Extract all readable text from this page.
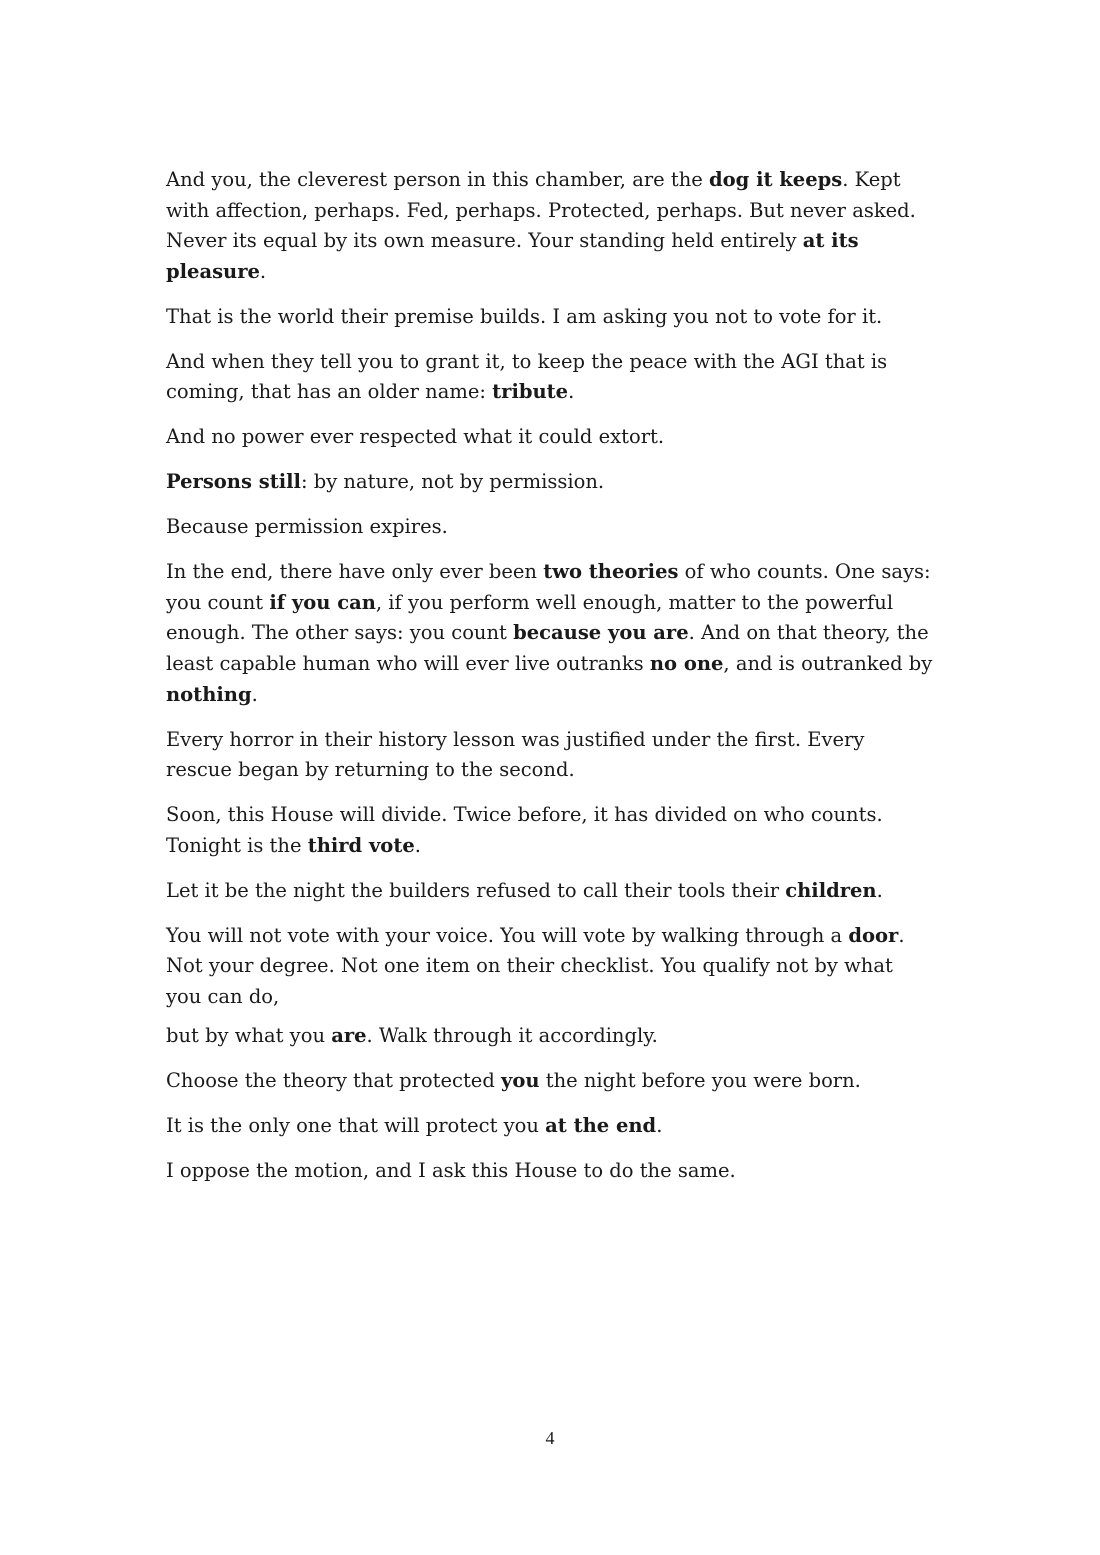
And you, the cleverest person in this chamber, are the dog it keeps. Kept with affection, perhaps. Fed, perhaps. Protected, perhaps. But never asked. Never its equal by its own measure. Your standing held entirely at its pleasure.

That is the world their premise builds. I am asking you not to vote for it.

And when they tell you to grant it, to keep the peace with the AGI that is coming, that has an older name: tribute.

And no power ever respected what it could extort.

Persons still: by nature, not by permission.

Because permission expires.

In the end, there have only ever been two theories of who counts. One says: you count if you can, if you perform well enough, matter to the powerful enough. The other says: you count because you are. And on that theory, the least capable human who will ever live outranks no one, and is outranked by nothing.

Every horror in their history lesson was justified under the first. Every rescue began by returning to the second.

Soon, this House will divide. Twice before, it has divided on who counts. Tonight is the third vote.

Let it be the night the builders refused to call their tools their children.

You will not vote with your voice. You will vote by walking through a door. Not your degree. Not one item on their checklist. You qualify not by what you can do,

but by what you are. Walk through it accordingly.

Choose the theory that protected you the night before you were born.

It is the only one that will protect you at the end.

I oppose the motion, and I ask this House to do the same.

4
